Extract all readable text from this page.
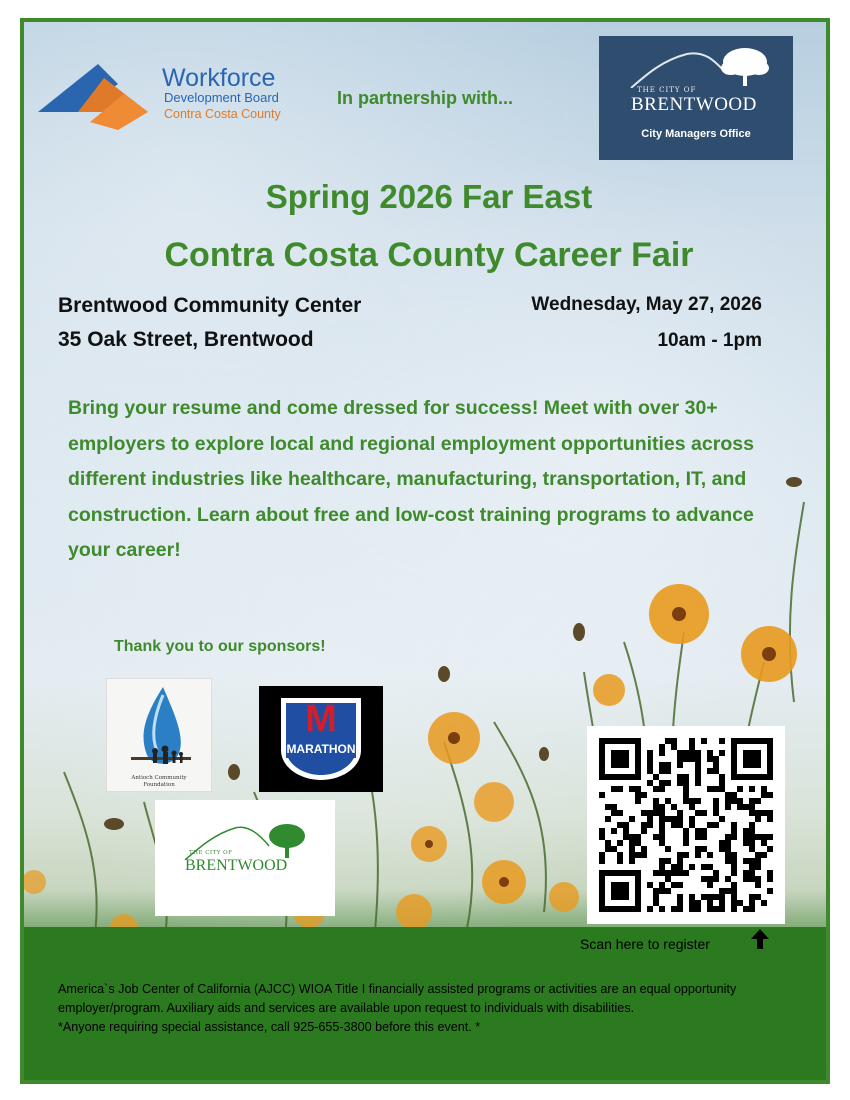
Workforce
Development Board
Contra Costa County
In partnership with...	THE CITY OF
BRENTWOOD
City Managers Office
Spring 2026 Far East
Contra Costa County Career Fair
Brentwood Community Center
35 Oak Street, Brentwood
Wednesday, May 27, 2026
10am - 1pm
Bring your resume and come dressed for success! Meet with over 30+ employers to explore local and regional employment opportunities across different industries like healthcare, manufacturing, transportation, IT, and construction. Learn about free and low-cost training programs to advance your career!
Thank you to our sponsors!
Antioch Community
Foundation
M
MARATHON
THE CITY OF
BRENTWOOD
Scan here to register

America`s Job Center of California (AJCC) WIOA Title I financially assisted programs or activities are an equal opportunity employer/program. Auxiliary aids and services are available upon request to individuals with disabilities.

*Anyone requiring special assistance, call 925-655-3800 before this event. *
